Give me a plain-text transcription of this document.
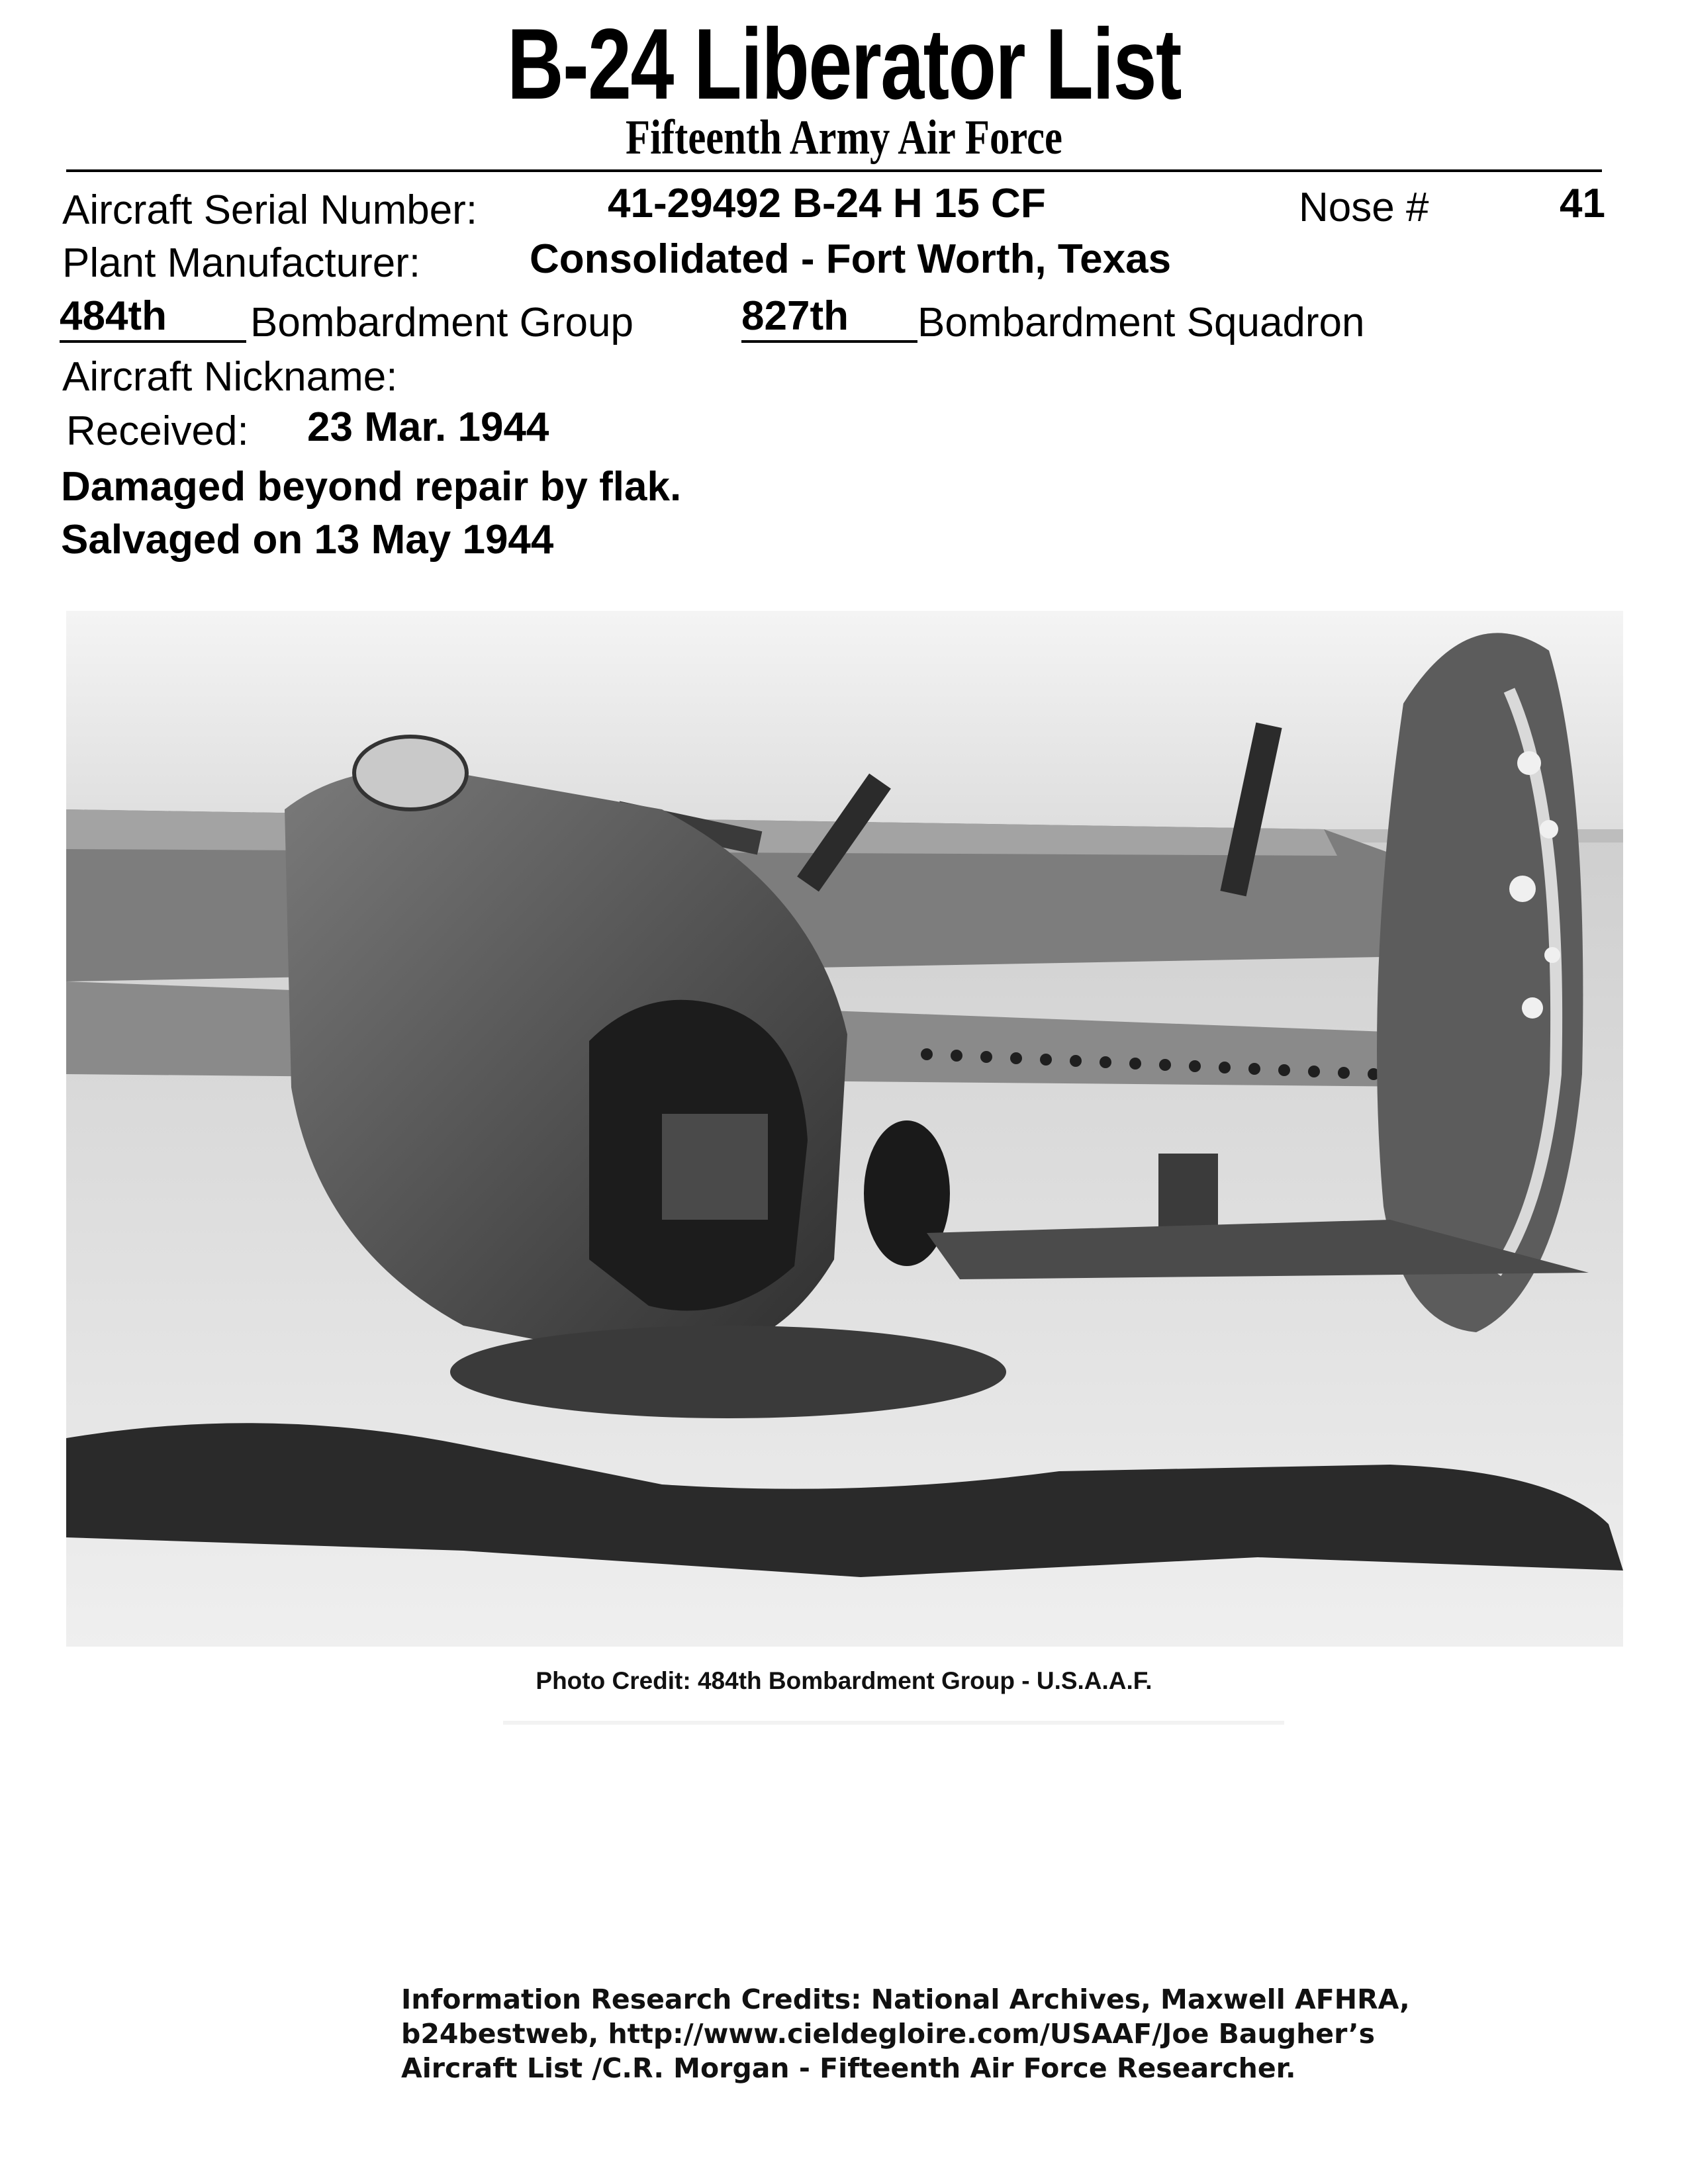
B-24 Liberator List
Fifteenth Army Air Force
Aircraft Serial Number:	41-29492 B-24 H 15 CF	Nose #	41
Plant Manufacturer:	Consolidated - Fort Worth, Texas
484th	Bombardment Group	827th	Bombardment Squadron
Aircraft Nickname:
Received: 23 Mar. 1944
Damaged beyond repair by flak.
Salvaged on 13 May 1944
Photo Credit: 484th Bombardment Group - U.S.A.A.F.
Information Research Credits: National Archives, Maxwell AFHRA,
b24bestweb, http://www.cieldegloire.com/USAAF/Joe Baugher’s
Aircraft List /C.R. Morgan - Fifteenth Air Force Researcher.
